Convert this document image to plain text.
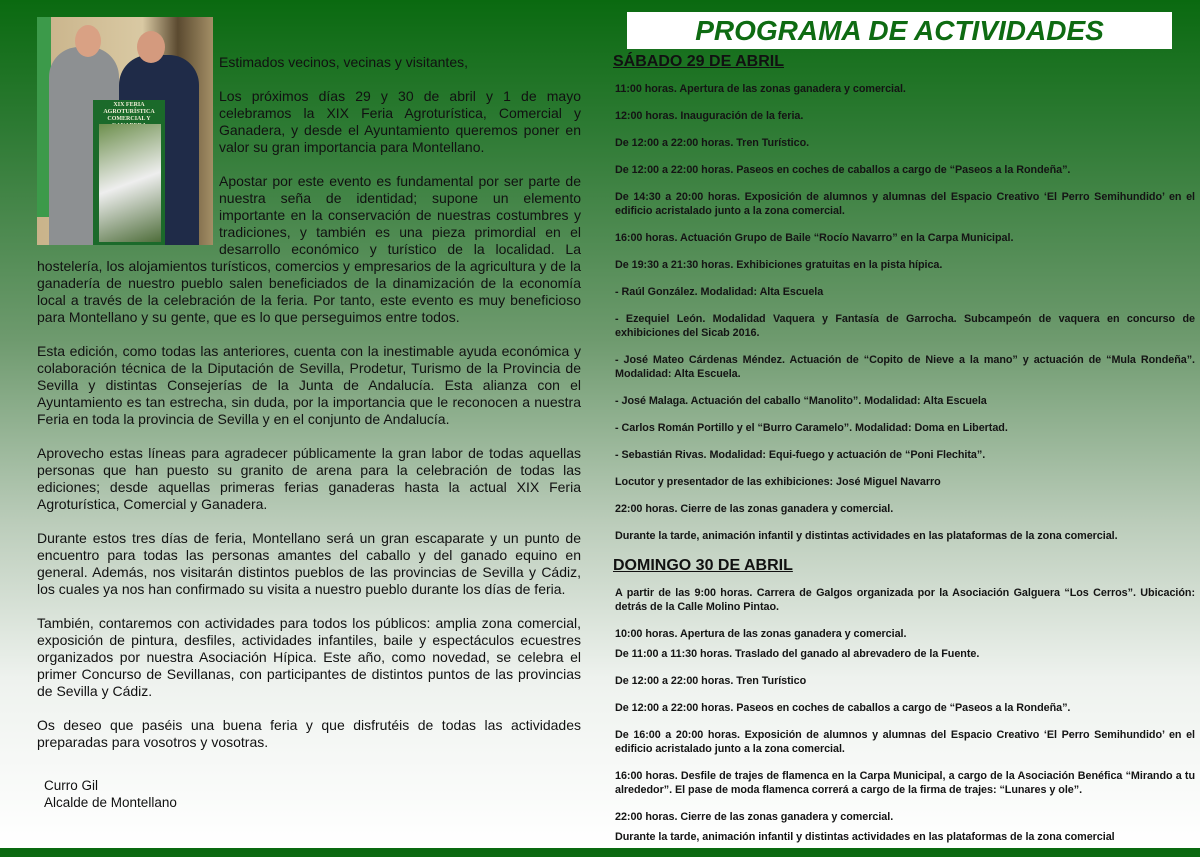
XIX FERIA AGROTURÍSTICA COMERCIAL Y

Estimados vecinos, vecinas y visitantes,

Los próximos días 29 y 30 de abril y 1 de mayo celebramos la XIX Feria Agroturística, Comercial y Ganadera, y desde el Ayuntamiento queremos poner en valor su gran importancia para Montellano.

Apostar por este evento es fundamental por ser parte de nuestra seña de identidad; supone un elemento importante en la conservación de nuestras costumbres y tradiciones, y también es una pieza primordial en el desarrollo económico y turístico de la localidad. La hostelería, los alojamientos turísticos, comercios y empresarios de la agricultura y de la ganadería de nuestro pueblo salen beneficiados de la dinamización de la economía local a través de la celebración de la feria. Por tanto, este evento es muy beneficioso para Montellano y su gente, que es lo que perseguimos entre todos.

Esta edición, como todas las anteriores, cuenta con la inestimable ayuda económica y colaboración técnica de la Diputación de Sevilla, Prodetur, Turismo de la Provincia de Sevilla y distintas Consejerías de la Junta de Andalucía. Esta alianza con el Ayuntamiento es tan estrecha, sin duda, por la importancia que le reconocen a nuestra Feria en toda la provincia de Sevilla y en el conjunto de Andalucía.

Aprovecho estas líneas para agradecer públicamente la gran labor de todas aquellas personas que han puesto su granito de arena para la celebración de todas las ediciones; desde aquellas primeras ferias ganaderas hasta la actual XIX Feria Agroturística, Comercial y Ganadera.

Durante estos tres días de feria, Montellano será un gran escaparate y un punto de encuentro para todas las personas amantes del caballo y del ganado equino en general. Además, nos visitarán distintos pueblos de las provincias de Sevilla y Cádiz, los cuales ya nos han confirmado su visita a nuestro pueblo durante los días de feria.

También, contaremos con actividades para todos los públicos: amplia zona comercial, exposición de pintura, desfiles, actividades infantiles, baile y espectáculos ecuestres organizados por nuestra Asociación Hípica. Este año, como novedad, se celebra el primer Concurso de Sevillanas, con participantes de distintos puntos de las provincias de Sevilla y Cádiz.

Os deseo que paséis una buena feria y que disfrutéis de todas las actividades preparadas para vosotros y vosotras.

Curro Gil
Alcalde de Montellano
PROGRAMA DE ACTIVIDADES
SÁBADO 29 DE ABRIL
11:00 horas. Apertura de las zonas ganadera y comercial.
12:00 horas. Inauguración de la feria.
De 12:00 a 22:00 horas. Tren Turístico.
De 12:00 a 22:00 horas. Paseos en coches de caballos a cargo de “Paseos a la Rondeña”.
De 14:30 a 20:00 horas. Exposición de alumnos y alumnas del Espacio Creativo ‘El Perro Semihundido’ en el edificio acristalado junto a la zona comercial.
16:00 horas. Actuación Grupo de Baile “Rocío Navarro” en la Carpa Municipal.
De 19:30 a 21:30 horas. Exhibiciones gratuitas en la pista hípica.
- Raúl González. Modalidad: Alta Escuela
- Ezequiel León. Modalidad Vaquera y Fantasía de Garrocha. Subcampeón de vaquera en concurso de exhibiciones del Sicab 2016.
- José Mateo Cárdenas Méndez. Actuación de “Copito de Nieve a la mano” y actuación de “Mula Rondeña”. Modalidad: Alta Escuela.
- José Malaga. Actuación del caballo “Manolito”. Modalidad: Alta Escuela
- Carlos Román Portillo y el “Burro Caramelo”. Modalidad: Doma en Libertad.
- Sebastián Rivas. Modalidad: Equi-fuego y actuación de “Poni Flechita”.
Locutor y presentador de las exhibiciones: José Miguel Navarro
22:00 horas. Cierre de las zonas ganadera y comercial.
Durante la tarde, animación infantil y distintas actividades en las plataformas de la zona comercial.
DOMINGO 30 DE ABRIL
A partir de las 9:00 horas. Carrera de Galgos organizada por la Asociación Galguera “Los Cerros”. Ubicación: detrás de la Calle Molino Pintao.
10:00 horas. Apertura de las zonas ganadera y comercial.
De 11:00 a 11:30 horas. Traslado del ganado al abrevadero de la Fuente.
De 12:00 a 22:00 horas. Tren Turístico
De 12:00 a 22:00 horas. Paseos en coches de caballos a cargo de “Paseos a la Rondeña”.
De 16:00 a 20:00 horas. Exposición de alumnos y alumnas del Espacio Creativo ‘El Perro Semihundido’ en el edificio acristalado junto a la zona comercial.
16:00 horas. Desfile de trajes de flamenca en la Carpa Municipal, a cargo de la Asociación Benéfica “Mirando a tu alrededor”. El pase de moda flamenca correrá a cargo de la firma de trajes: “Lunares y ole”.
22:00 horas. Cierre de las zonas ganadera y comercial.
Durante la tarde, animación infantil y distintas actividades en las plataformas de la zona comercial
